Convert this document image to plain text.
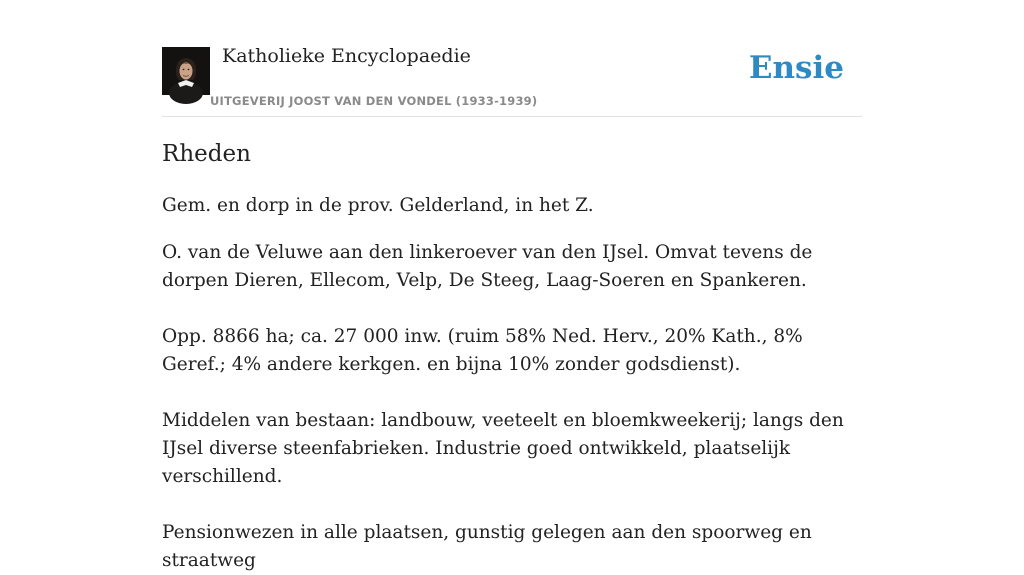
Katholieke Encyclopaedie
UITGEVERIJ JOOST VAN DEN VONDEL (1933-1939)
Ensie
Rheden

Gem. en dorp in de prov. Gelderland, in het Z.

O. van de Veluwe aan den linkeroever van den IJsel. Omvat tevens de dorpen Dieren, Ellecom, Velp, De Steeg, Laag-Soeren en Spankeren.

Opp. 8866 ha; ca. 27 000 inw. (ruim 58% Ned. Herv., 20% Kath., 8% Geref.; 4% andere kerkgen. en bijna 10% zonder godsdienst).

Middelen van bestaan: landbouw, veeteelt en bloemkweekerij; langs den IJsel diverse steenfabrieken. Industrie goed ontwikkeld, plaatselijk verschillend.

Pensionwezen in alle plaatsen, gunstig gelegen aan den spoorweg en straatweg
